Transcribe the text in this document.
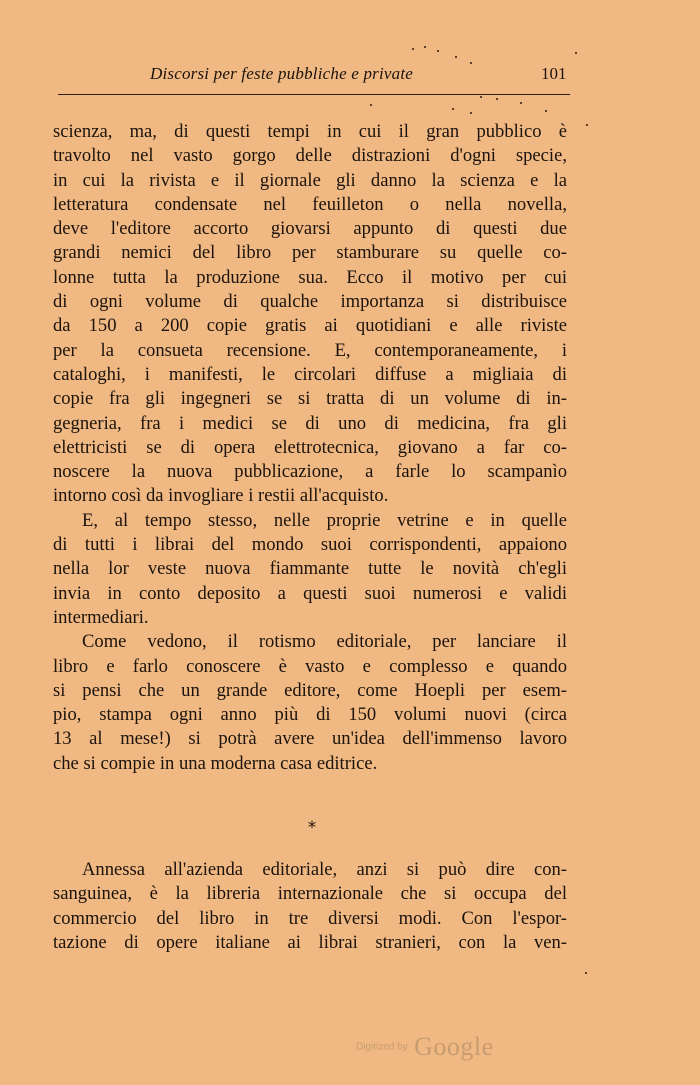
Discorsi per feste pubbliche e private	101
scienza, ma, di questi tempi in cui il gran pubblico è
travolto nel vasto gorgo delle distrazioni d'ogni specie,
in cui la rivista e il giornale gli danno la scienza e la
letteratura condensate nel feuilleton o nella novella,
deve l'editore accorto giovarsi appunto di questi due
grandi nemici del libro per stamburare su quelle co-
lonne tutta la produzione sua. Ecco il motivo per cui
di ogni volume di qualche importanza si distribuisce
da 150 a 200 copie gratis ai quotidiani e alle riviste
per la consueta recensione. E, contemporaneamente, i
cataloghi, i manifesti, le circolari diffuse a migliaia di
copie fra gli ingegneri se si tratta di un volume di in-
gegneria, fra i medici se di uno di medicina, fra gli
elettricisti se di opera elettrotecnica, giovano a far co-
noscere la nuova pubblicazione, a farle lo scampanìo
intorno così da invogliare i restii all'acquisto.
E, al tempo stesso, nelle proprie vetrine e in quelle
di tutti i librai del mondo suoi corrispondenti, appaiono
nella lor veste nuova fiammante tutte le novità ch'egli
invia in conto deposito a questi suoi numerosi e validi
intermediari.
Come vedono, il rotismo editoriale, per lanciare il
libro e farlo conoscere è vasto e complesso e quando
si pensi che un grande editore, come Hoepli per esem-
pio, stampa ogni anno più di 150 volumi nuovi (circa
13 al mese!) si potrà avere un'idea dell'immenso lavoro
che si compie in una moderna casa editrice.
*
Annessa all'azienda editoriale, anzi si può dire con-
sanguinea, è la libreria internazionale che si occupa del
commercio del libro in tre diversi modi. Con l'espor-
tazione di opere italiane ai librai stranieri, con la ven-
Digitized by Google
